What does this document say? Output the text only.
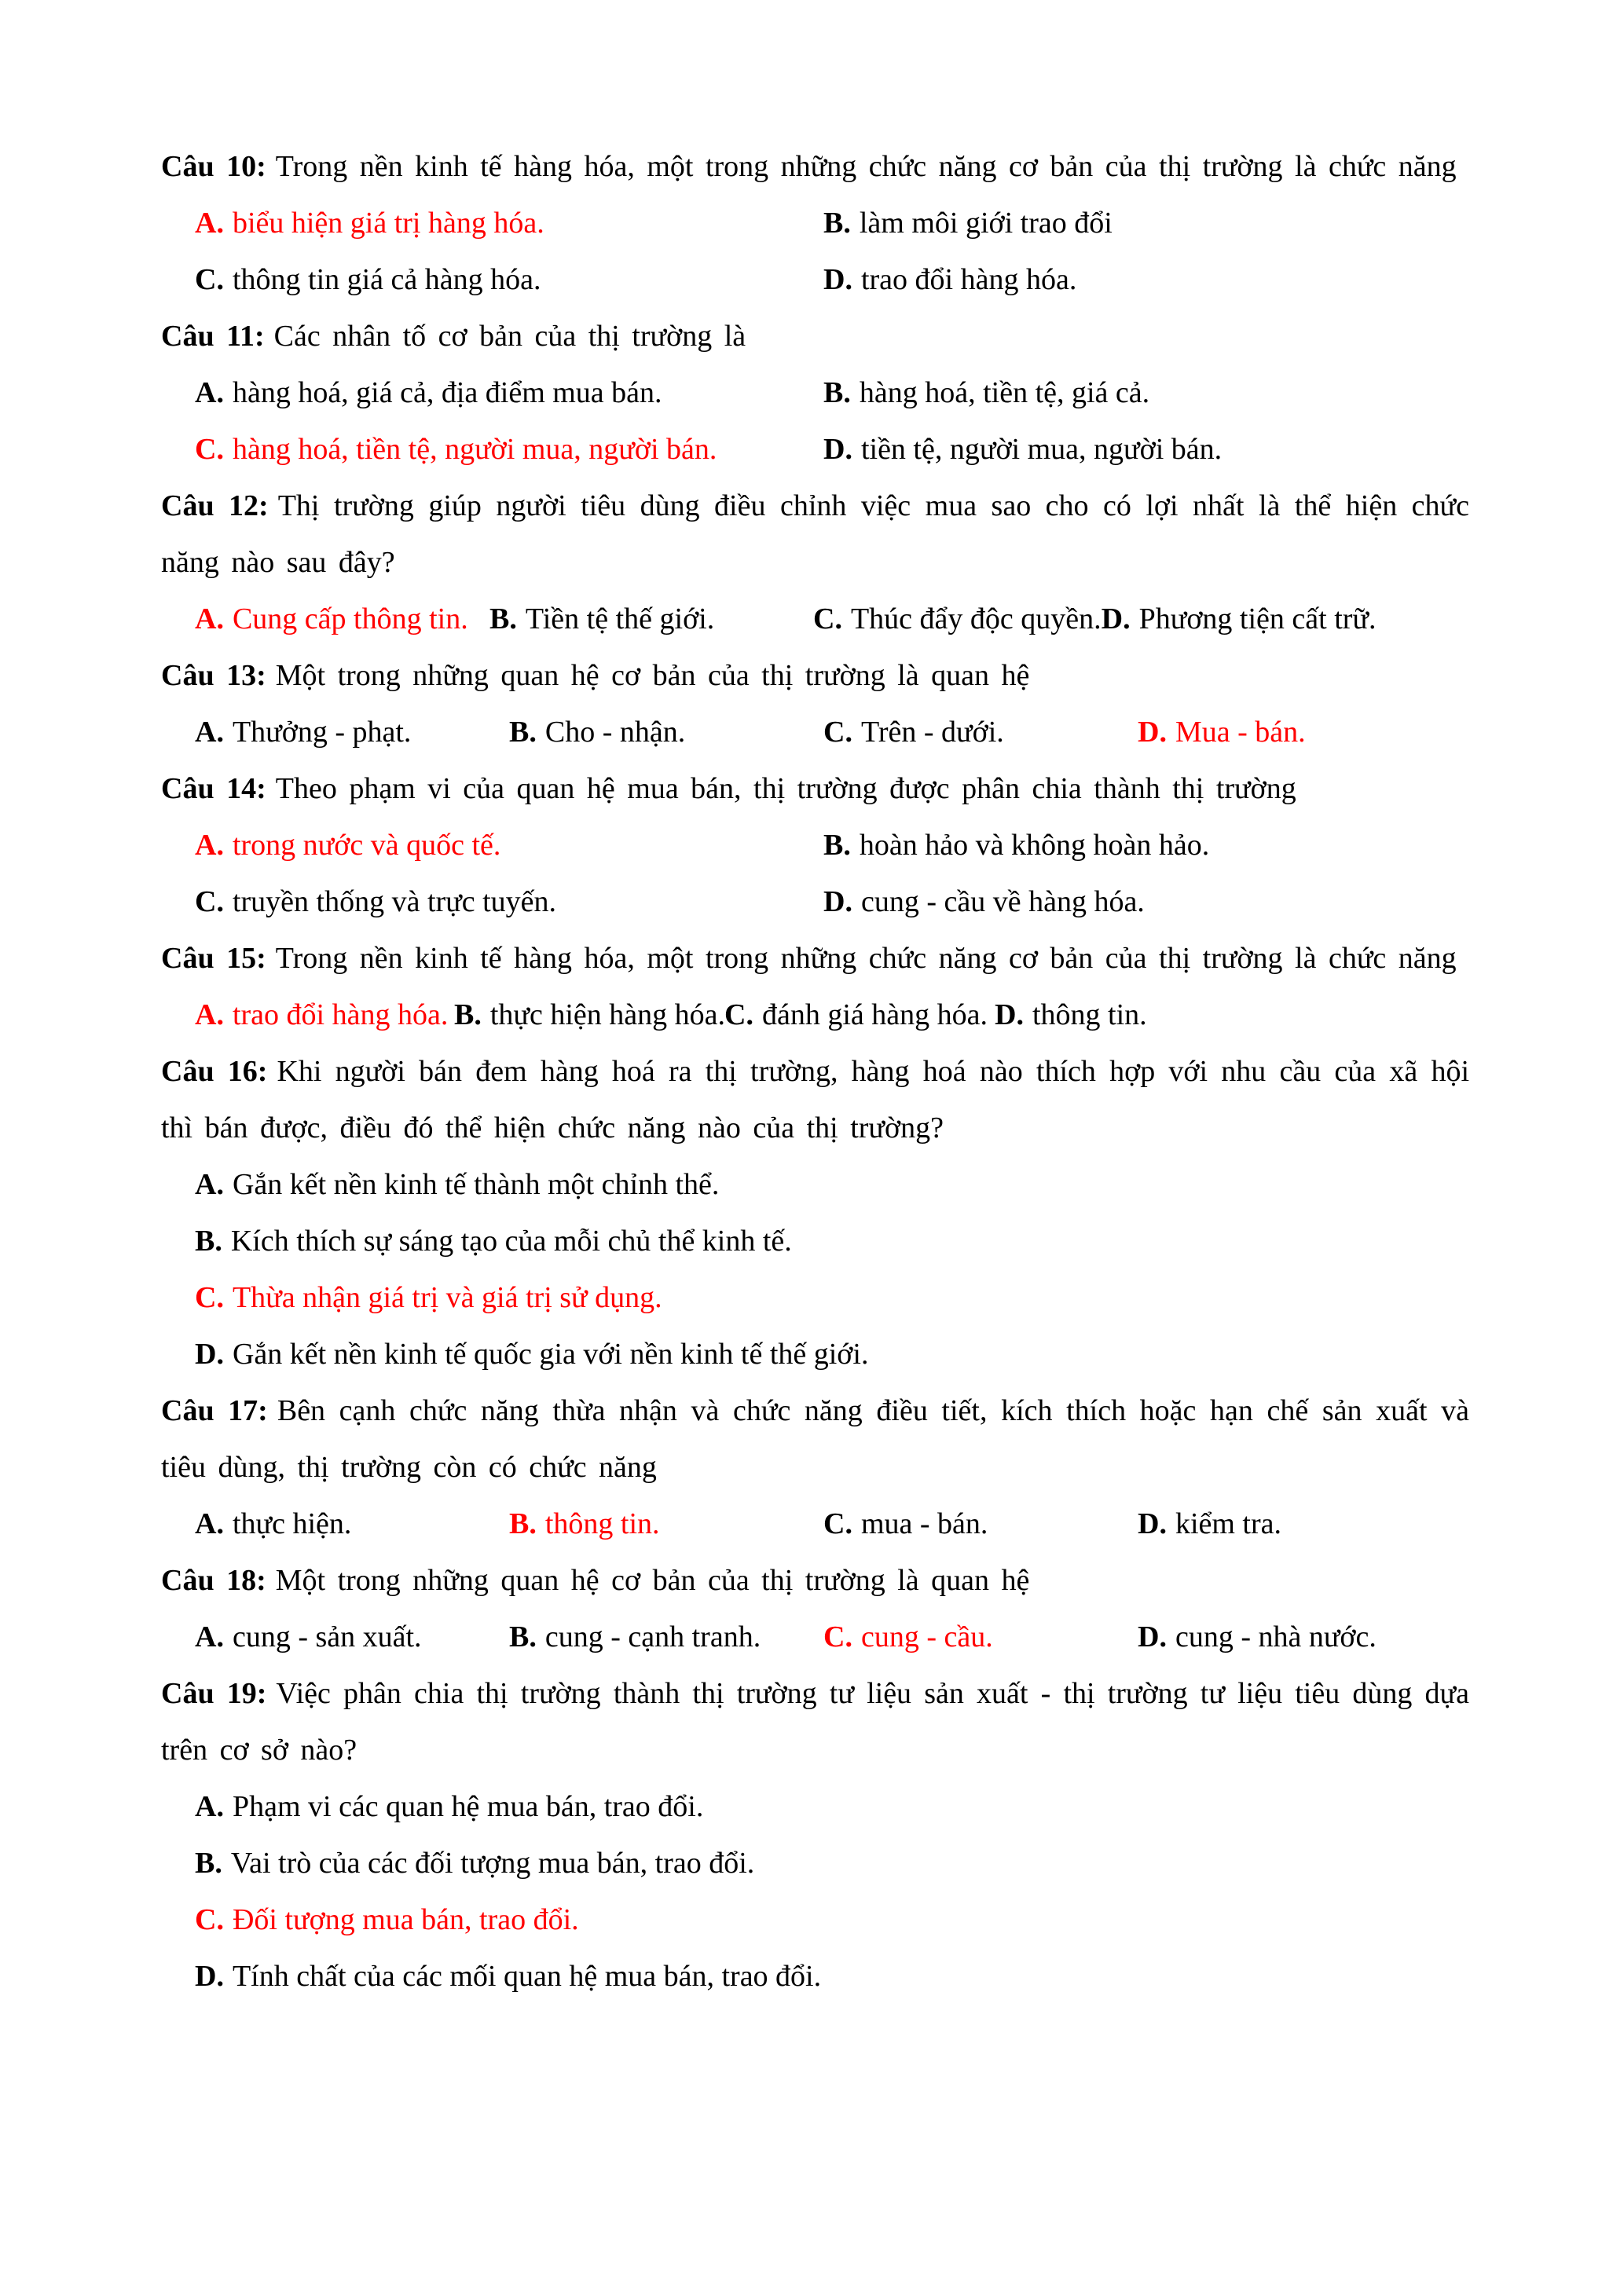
Câu 10: Trong nền kinh tế hàng hóa, một trong những chức năng cơ bản của thị trường là chức năng

A. biểu hiện giá trị hàng hóa.	B. làm môi giới trao đổi
C. thông tin giá cả hàng hóa.	D. trao đổi hàng hóa.

Câu 11: Các nhân tố cơ bản của thị trường là

A. hàng hoá, giá cả, địa điểm mua bán.	B. hàng hoá, tiền tệ, giá cả.
C. hàng hoá, tiền tệ, người mua, người bán.	D. tiền tệ, người mua, người bán.

Câu 12: Thị trường giúp người tiêu dùng điều chỉnh việc mua sao cho có lợi nhất là thể hiện chức năng nào sau đây?

A. Cung cấp thông tin. B. Tiền tệ thế giới.	C. Thúc đẩy độc quyền. D. Phương tiện cất trữ.

Câu 13: Một trong những quan hệ cơ bản của thị trường là quan hệ

A. Thưởng - phạt.	B. Cho - nhận.	C. Trên - dưới.	D. Mua - bán.

Câu 14: Theo phạm vi của quan hệ mua bán, thị trường được phân chia thành thị trường

A. trong nước và quốc tế.	B. hoàn hảo và không hoàn hảo.
C. truyền thống và trực tuyến.	D. cung - cầu về hàng hóa.

Câu 15: Trong nền kinh tế hàng hóa, một trong những chức năng cơ bản của thị trường là chức năng

A. trao đổi hàng hóa. B. thực hiện hàng hóa.
C. đánh giá hàng hóa. D. thông tin.

Câu 16: Khi người bán đem hàng hoá ra thị trường, hàng hoá nào thích hợp với nhu cầu của xã hội thì bán được, điều đó thể hiện chức năng nào của thị trường?

A. Gắn kết nền kinh tế thành một chỉnh thể.
B. Kích thích sự sáng tạo của mỗi chủ thể kinh tế.
C. Thừa nhận giá trị và giá trị sử dụng.
D. Gắn kết nền kinh tế quốc gia với nền kinh tế thế giới.

Câu 17: Bên cạnh chức năng thừa nhận và chức năng điều tiết, kích thích hoặc hạn chế sản xuất và tiêu dùng, thị trường còn có chức năng

A. thực hiện.	B. thông tin.	C. mua - bán.	D. kiểm tra.

Câu 18: Một trong những quan hệ cơ bản của thị trường là quan hệ

A. cung - sản xuất.	B. cung - cạnh tranh.	C. cung - cầu.	D. cung - nhà nước.

Câu 19: Việc phân chia thị trường thành thị trường tư liệu sản xuất - thị trường tư liệu tiêu dùng dựa trên cơ sở nào?

A. Phạm vi các quan hệ mua bán, trao đổi.
B. Vai trò của các đối tượng mua bán, trao đổi.
C. Đối tượng mua bán, trao đổi.
D. Tính chất của các mối quan hệ mua bán, trao đổi.
